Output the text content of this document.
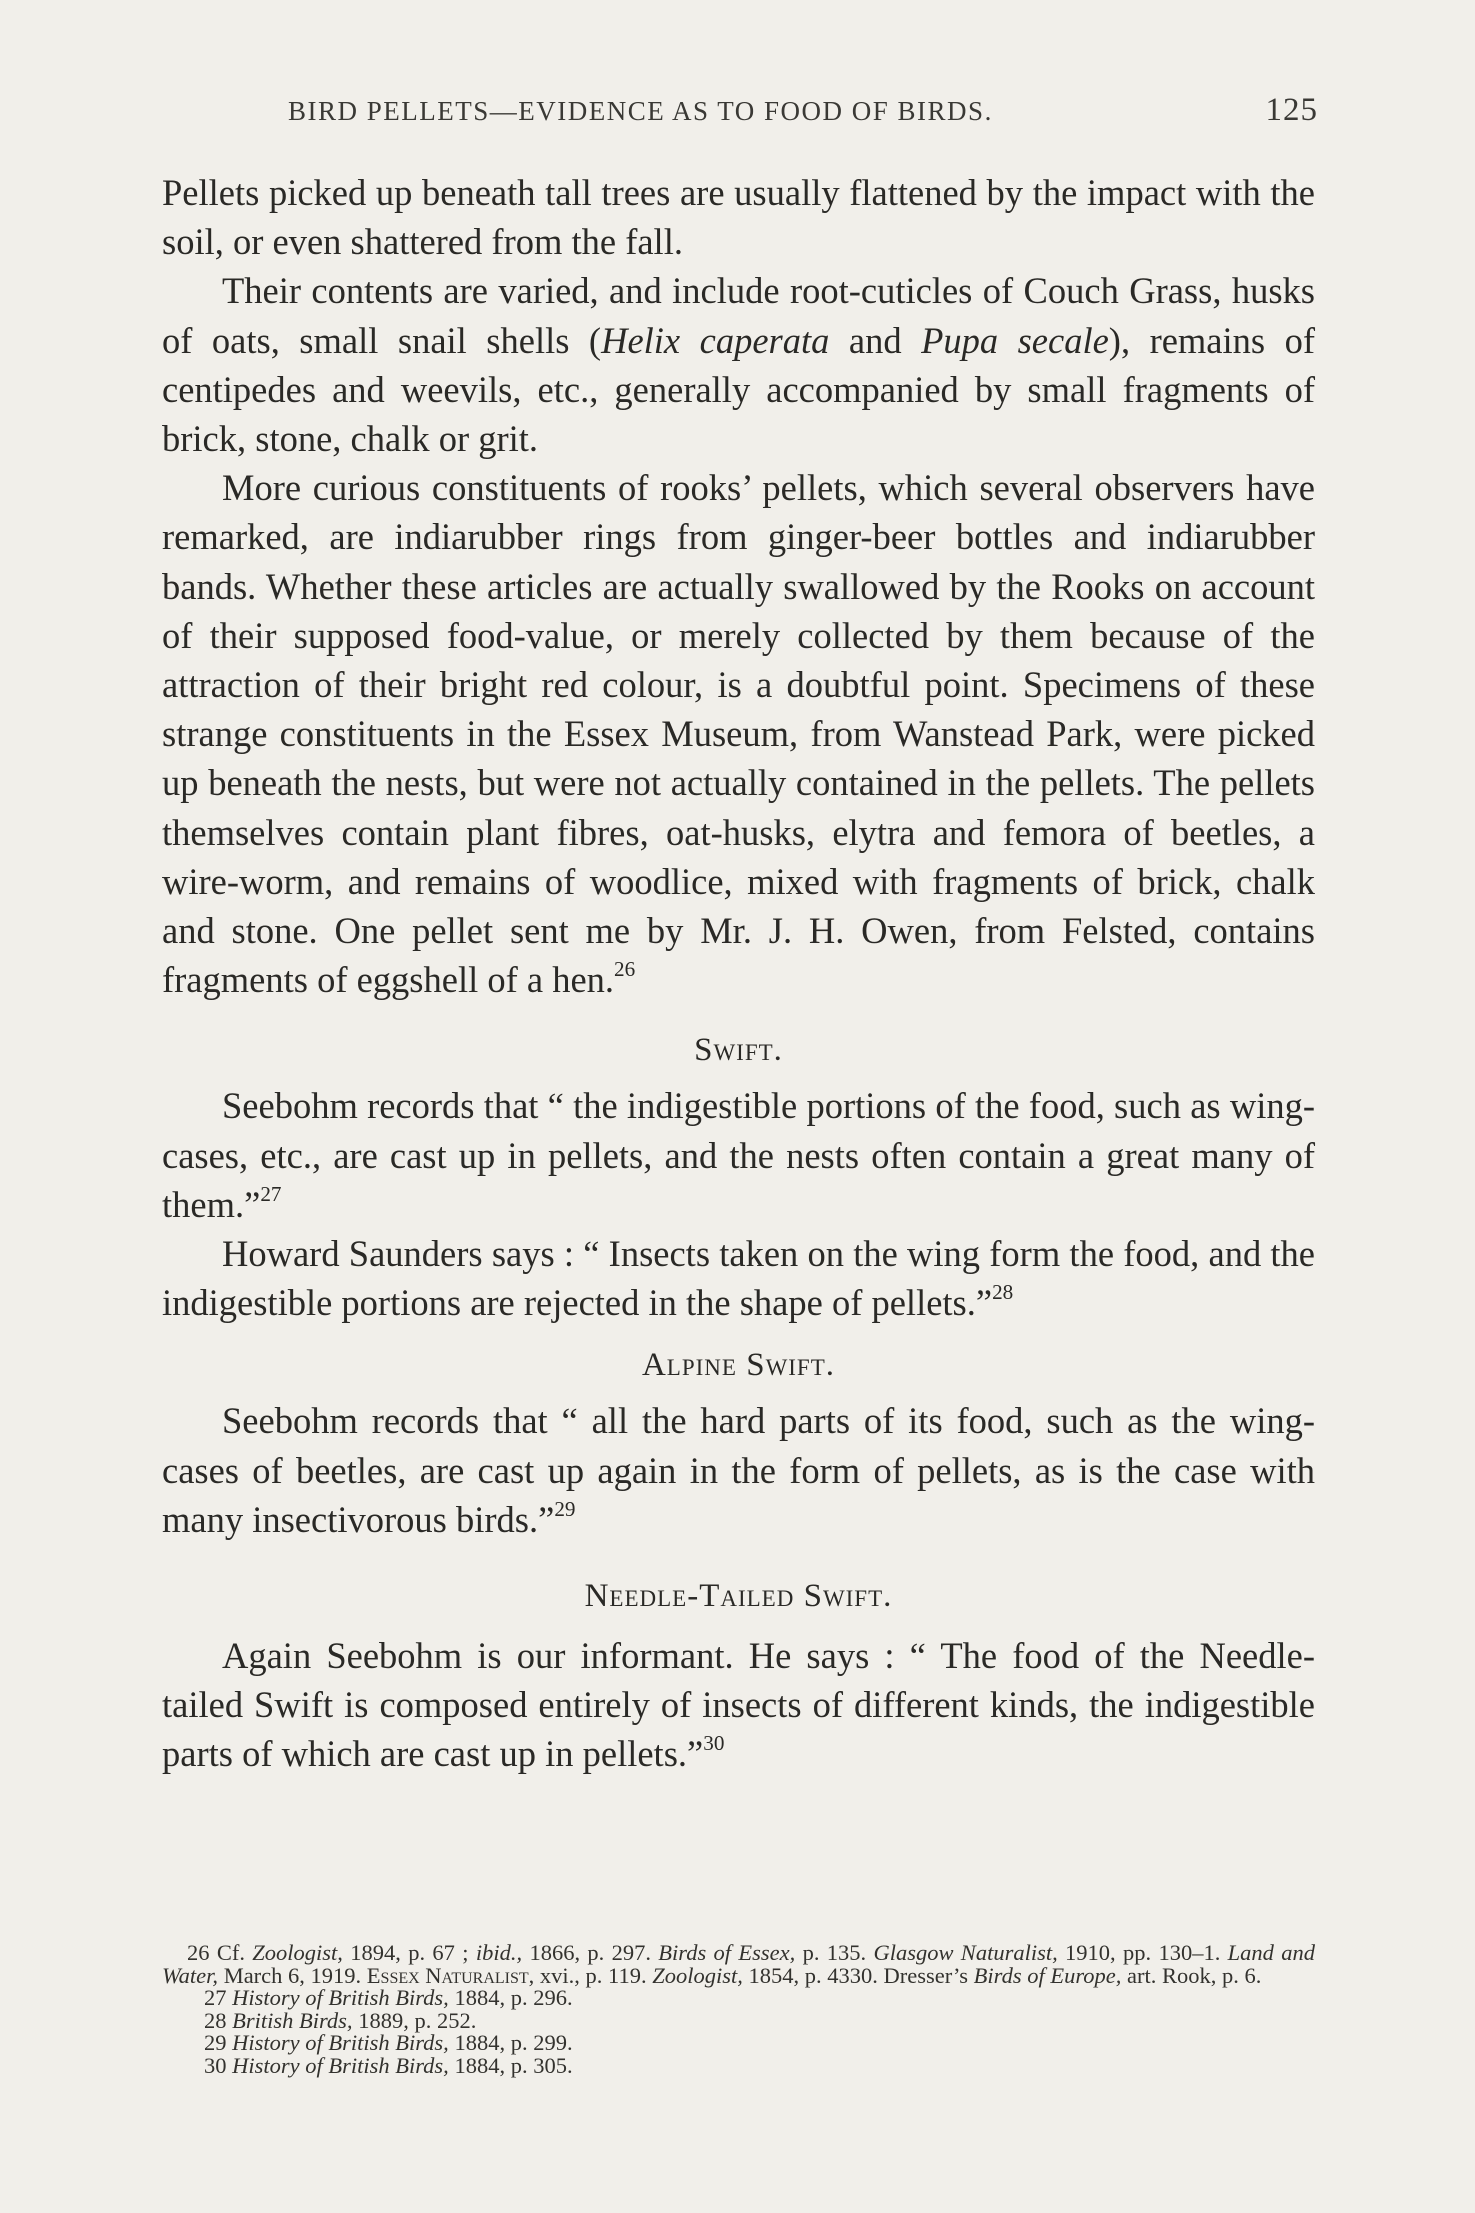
BIRD PELLETS—EVIDENCE AS TO FOOD OF BIRDS.	125

Pellets picked up beneath tall trees are usually flattened by the impact with the soil, or even shattered from the fall.

Their contents are varied, and include root-cuticles of Couch Grass, husks of oats, small snail shells (Helix caperata and Pupa secale), remains of centipedes and weevils, etc., generally accompanied by small fragments of brick, stone, chalk or grit.

More curious constituents of rooks’ pellets, which several observers have remarked, are indiarubber rings from ginger-beer bottles and indiarubber bands. Whether these articles are actually swallowed by the Rooks on account of their supposed food-value, or merely collected by them because of the attraction of their bright red colour, is a doubtful point. Specimens of these strange constituents in the Essex Museum, from Wanstead Park, were picked up beneath the nests, but were not actually contained in the pellets. The pellets themselves contain plant fibres, oat-husks, elytra and femora of beetles, a wire-worm, and remains of woodlice, mixed with fragments of brick, chalk and stone. One pellet sent me by Mr. J. H. Owen, from Felsted, contains fragments of eggshell of a hen.$^{26}$

Swift.

Seebohm records that “ the indigestible portions of the food, such as wing-cases, etc., are cast up in pellets, and the nests often contain a great many of them.”$^{27}$

Howard Saunders says : “ Insects taken on the wing form the food, and the indigestible portions are rejected in the shape of pellets.”$^{28}$

Alpine Swift.

Seebohm records that “ all the hard parts of its food, such as the wing-cases of beetles, are cast up again in the form of pellets, as is the case with many insectivorous birds.”$^{29}$

Needle-Tailed Swift.

Again Seebohm is our informant. He says : “ The food of the Needle-tailed Swift is composed entirely of insects of different kinds, the indigestible parts of which are cast up in pellets.”$^{30}$

26 Cf. Zoologist, 1894, p. 67 ; ibid., 1866, p. 297. Birds of Essex, p. 135. Glasgow Naturalist, 1910, pp. 130–1. Land and Water, March 6, 1919. Essex Naturalist, xvi., p. 119. Zoologist, 1854, p. 4330. Dresser’s Birds of Europe, art. Rook, p. 6.

27 History of British Birds, 1884, p. 296.

28 British Birds, 1889, p. 252.

29 History of British Birds, 1884, p. 299.

30 History of British Birds, 1884, p. 305.
